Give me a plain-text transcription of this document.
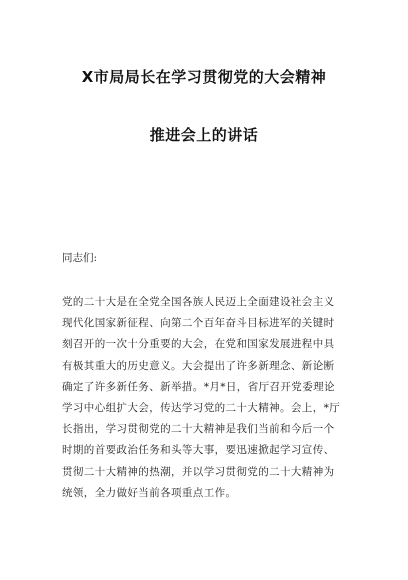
X市局局长在学习贯彻党的大会精神
推进会上的讲话
同志们:
党的二十大是在全党全国各族人民迈上全面建设社会主义
现代化国家新征程、向第二个百年奋斗目标进军的关键时
刻召开的一次十分重要的大会，在党和国家发展进程中具
有极其重大的历史意义。大会提出了许多新理念、新论断
确定了许多新任务、新举措。*月*日，省厅召开党委理论
学习中心组扩大会，传达学习党的二十大精神。会上，*厅
长指出，学习贯彻党的二十大精神是我们当前和今后一个
时期的首要政治任务和头等大事，要迅速掀起学习宣传、
贯彻二十大精神的热潮，并以学习贯彻党的二十大精神为
统领，全力做好当前各项重点工作。
